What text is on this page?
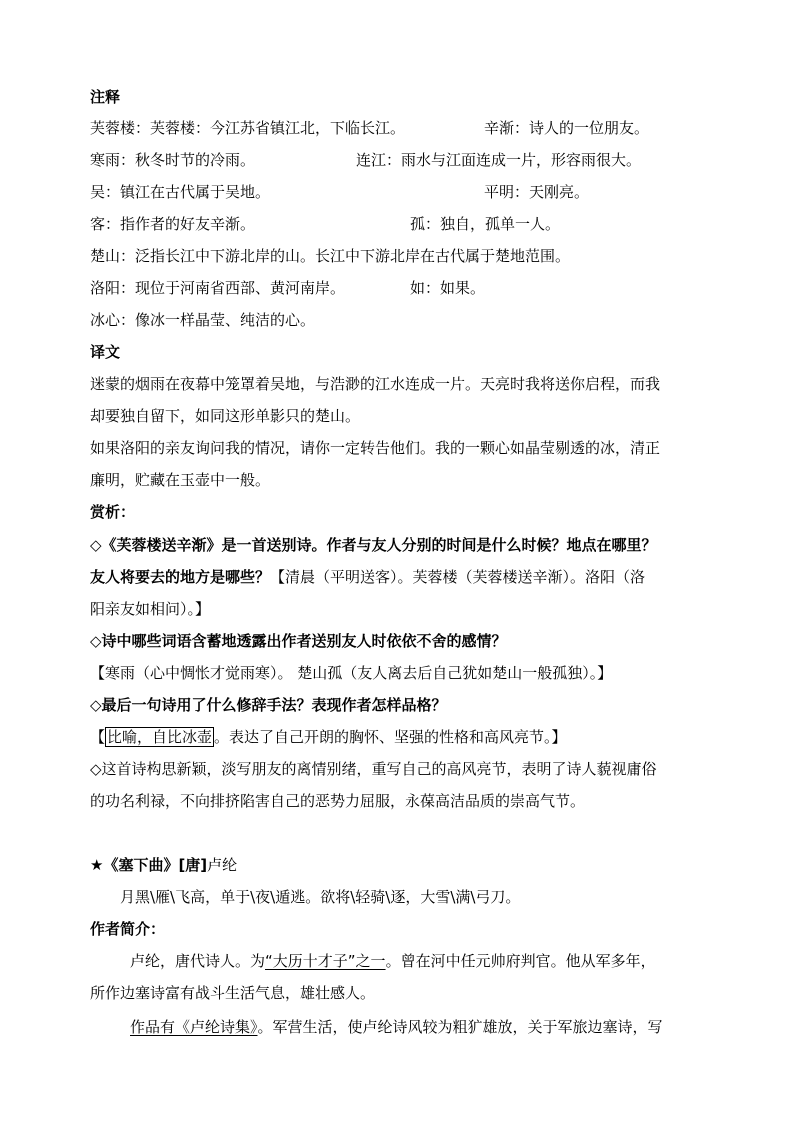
注释
芙蓉楼：芙蓉楼：今江苏省镇江北，下临长江。	辛渐：诗人的一位朋友。
寒雨：秋冬时节的冷雨。	连江：雨水与江面连成一片，形容雨很大。
吴：镇江在古代属于吴地。	平明：天刚亮。
客：指作者的好友辛渐。	孤：独自，孤单一人。
楚山：泛指长江中下游北岸的山。长江中下游北岸在古代属于楚地范围。
洛阳：现位于河南省西部、黄河南岸。	如：如果。
冰心：像冰一样晶莹、纯洁的心。
译文
迷蒙的烟雨在夜幕中笼罩着吴地，与浩渺的江水连成一片。天亮时我将送你启程，而我
却要独自留下，如同这形单影只的楚山。
如果洛阳的亲友询问我的情况，请你一定转告他们。我的一颗心如晶莹剔透的冰，清正
廉明，贮藏在玉壶中一般。
赏析：
◇《芙蓉楼送辛渐》是一首送别诗。作者与友人分别的时间是什么时候？地点在哪里？
友人将要去的地方是哪些？【清晨（平明送客）。芙蓉楼（芙蓉楼送辛渐）。洛阳（洛
阳亲友如相问）。】
◇诗中哪些词语含蓄地透露出作者送别友人时依依不舍的感情？
【寒雨（心中惆怅才觉雨寒）。 楚山孤（友人离去后自己犹如楚山一般孤独）。】
◇最后一句诗用了什么修辞手法？表现作者怎样品格？
【 比喻，自比冰壶 。表达了自己开朗的胸怀、坚强的性格和高风亮节。】
◇这首诗构思新颖，淡写朋友的离情别绪，重写自己的高风亮节，表明了诗人藐视庸俗
的功名利禄，不向排挤陷害自己的恶势力屈服，永葆高洁品质的崇高气节。
★《塞下曲》[唐]卢纶
月黑\雁\飞高，单于\夜\遁逃。欲将\轻骑\逐，大雪\满\弓刀。
作者简介：
卢纶，唐代诗人。为“大历十才子”之一。曾在河中任元帅府判官。他从军多年，
所作边塞诗富有战斗生活气息，雄壮感人。
作品有《卢纶诗集》。军营生活，使卢纶诗风较为粗犷雄放，关于军旅边塞诗，写
